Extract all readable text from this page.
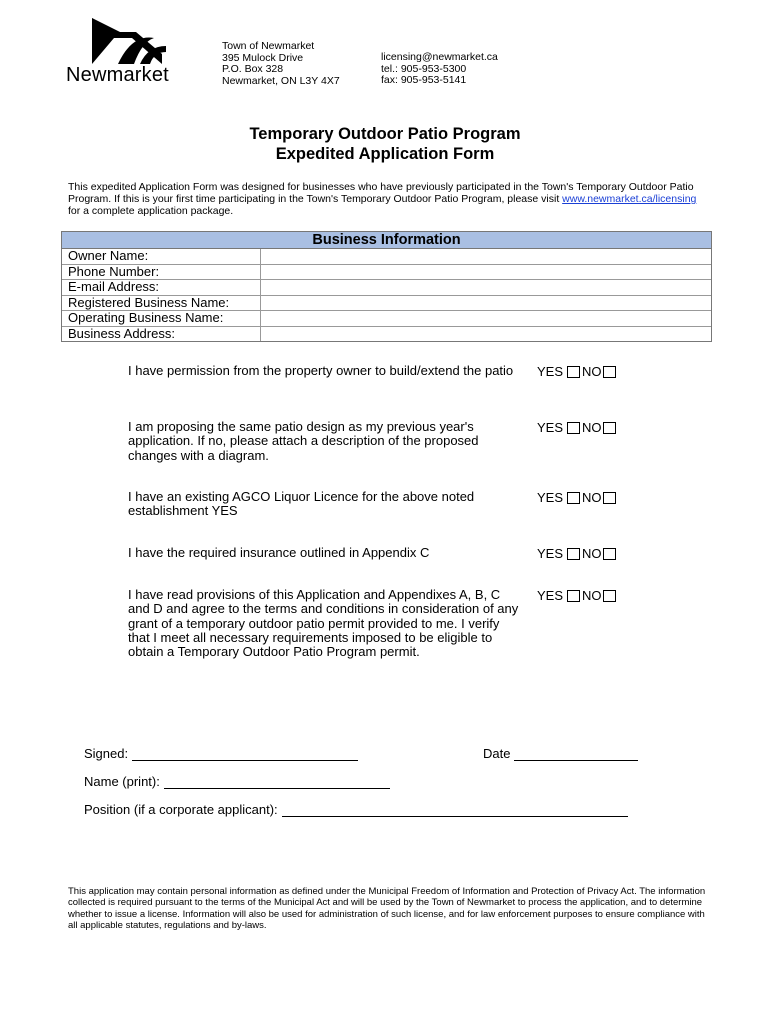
Newmarket
Town of Newmarket
395 Mulock Drive
P.O. Box 328
Newmarket, ON L3Y 4X7
licensing@newmarket.ca
tel.: 905-953-5300
fax: 905-953-5141
Temporary Outdoor Patio Program
Expedited Application Form
This expedited Application Form was designed for businesses who have previously participated in the Town's Temporary Outdoor Patio Program. If this is your first time participating in the Town's Temporary Outdoor Patio Program, please visit www.newmarket.ca/licensing for a complete application package.
Business Information
Owner Name:
Phone Number:
E-mail Address:
Registered Business Name:
Operating Business Name:
Business Address:
I have permission from the property owner to build/extend the patio	YES NO
I am proposing the same patio design as my previous year's application. If no, please attach a description of the proposed changes with a diagram.
YES NO
I have an existing AGCO Liquor Licence for the above noted establishment YES
YES NO
I have the required insurance outlined in Appendix C	YES NO
I have read provisions of this Application and Appendixes A, B, C and D and agree to the terms and conditions in consideration of any grant of a temporary outdoor patio permit provided to me. I verify that I meet all necessary requirements imposed to be eligible to obtain a Temporary Outdoor Patio Program permit.
YES NO
Signed:	Date
Name (print):
Position (if a corporate applicant):
This application may contain personal information as defined under the Municipal Freedom of Information and Protection of Privacy Act. The information collected is required pursuant to the terms of the Municipal Act and will be used by the Town of Newmarket to process the application, and to determine whether to issue a license. Information will also be used for administration of such license, and for law enforcement purposes to ensure compliance with all applicable statutes, regulations and by-laws.
